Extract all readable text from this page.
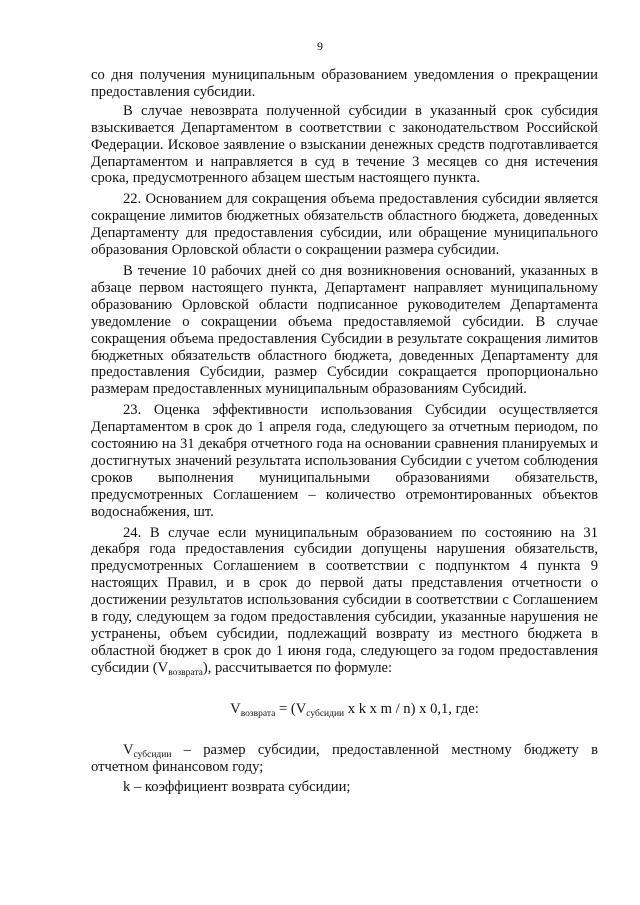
9

со дня получения муниципальным образованием уведомления о прекращении предоставления субсидии.

В случае невозврата полученной субсидии в указанный срок субсидия взыскивается Департаментом в соответствии с законодательством Российской Федерации. Исковое заявление о взыскании денежных средств подготавливается Департаментом и направляется в суд в течение 3 месяцев со дня истечения срока, предусмотренного абзацем шестым настоящего пункта.

22. Основанием для сокращения объема предоставления субсидии является сокращение лимитов бюджетных обязательств областного бюджета, доведенных Департаменту для предоставления субсидии, или обращение муниципального образования Орловской области о сокращении размера субсидии.

В течение 10 рабочих дней со дня возникновения оснований, указанных в абзаце первом настоящего пункта, Департамент направляет муниципальному образованию Орловской области подписанное руководителем Департамента уведомление о сокращении объема предоставляемой субсидии. В случае сокращения объема предоставления Субсидии в результате сокращения лимитов бюджетных обязательств областного бюджета, доведенных Департаменту для предоставления Субсидии, размер Субсидии сокращается пропорционально размерам предоставленных муниципальным образованиям Субсидий.

23. Оценка эффективности использования Субсидии осуществляется Департаментом в срок до 1 апреля года, следующего за отчетным периодом, по состоянию на 31 декабря отчетного года на основании сравнения планируемых и достигнутых значений результата использования Субсидии с учетом соблюдения сроков выполнения муниципальными образованиями обязательств, предусмотренных Соглашением – количество отремонтированных объектов водоснабжения, шт.

24. В случае если муниципальным образованием по состоянию на 31 декабря года предоставления субсидии допущены нарушения обязательств, предусмотренных Соглашением в соответствии с подпунктом 4 пункта 9 настоящих Правил, и в срок до первой даты представления отчетности о достижении результатов использования субсидии в соответствии с Соглашением в году, следующем за годом предоставления субсидии, указанные нарушения не устранены, объем субсидии, подлежащий возврату из местного бюджета в областной бюджет в срок до 1 июня года, следующего за годом предоставления субсидии $(V_{возврата})$, рассчитывается по формуле:

$V_{возврата} = (V_{субсидии}$ x k x m / n) x 0,1, где:

$V_{субсидии}$ – размер субсидии, предоставленной местному бюджету в отчетном финансовом году;

k – коэффициент возврата субсидии;
